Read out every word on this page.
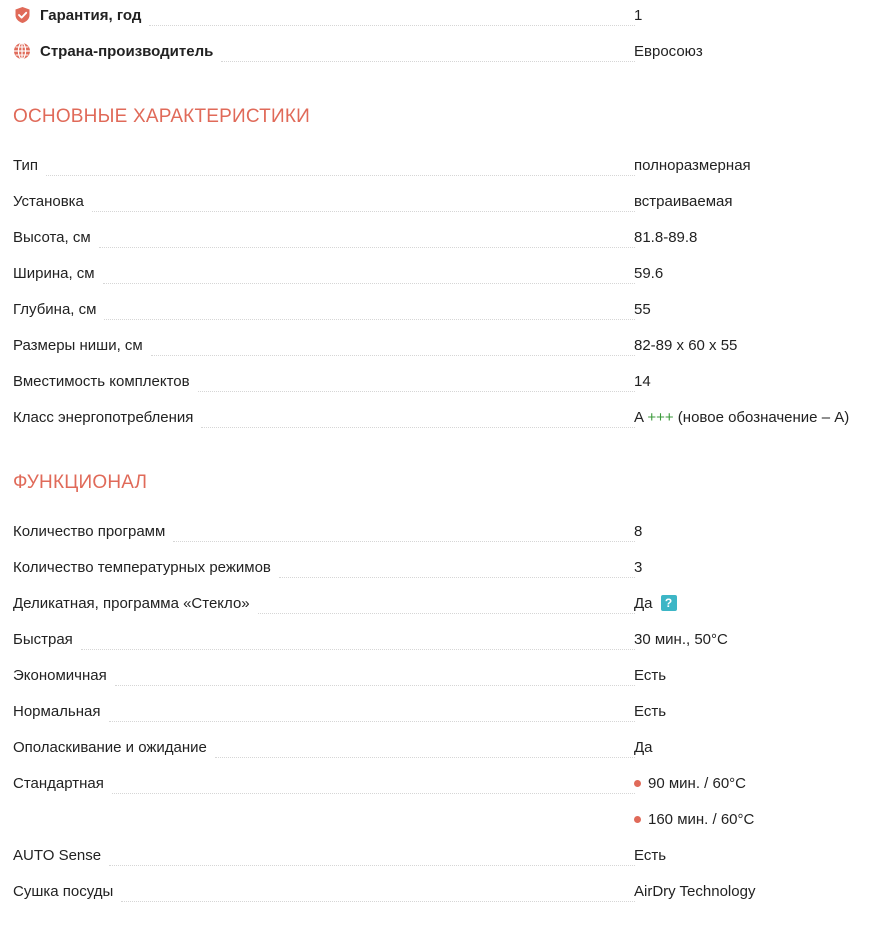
Гарантия, год	1
Страна-производитель	Евросоюз
ОСНОВНЫЕ ХАРАКТЕРИСТИКИ
Тип	полноразмерная
Установка	встраиваемая
Высота, см	81.8-89.8
Ширина, см	59.6
Глубина, см	55
Размеры ниши, см	82-89 х 60 х 55
Вместимость комплектов	14
Класс энергопотребления	A +++ (новое обозначение – A)
ФУНКЦИОНАЛ
Количество программ	8
Количество температурных режимов	3
Деликатная, программа «Стекло»	Да	?
Быстрая	30 мин., 50°С
Экономичная	Есть
Нормальная	Есть
Ополаскивание и ожидание	Да
Стандартная	90 мин. / 60°С
160 мин. / 60°С
AUTO Sense	Есть
Сушка посуды	AirDry Technology
